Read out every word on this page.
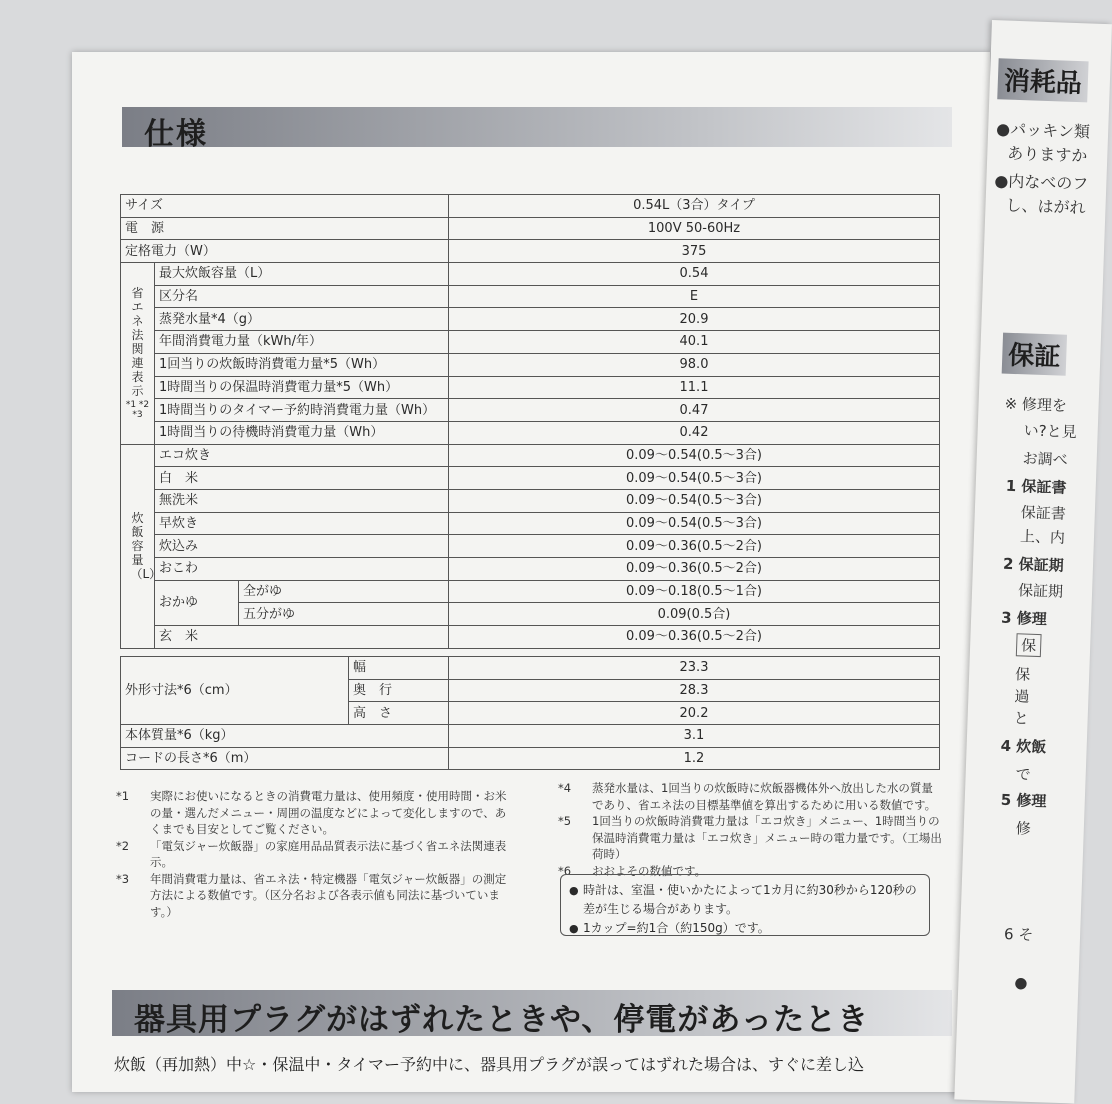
仕様
サイズ			0.54L（3合）タイプ
電　源			100V 50-60Hz
定格電力（W）			375
省エネ法関連表示
*1 *2 *3	最大炊飯容量（L）		0.54
	区分名		E
	蒸発水量*4（g）		20.9
	年間消費電力量（kWh/年）		40.1
	1回当りの炊飯時消費電力量*5（Wh）		98.0
	1時間当りの保温時消費電力量*5（Wh）		11.1
	1時間当りのタイマー予約時消費電力量（Wh）		0.47
	1時間当りの待機時消費電力量（Wh）		0.42
炊飯容量（L）	エコ炊き		0.09～0.54(0.5～3合)
	白　米		0.09～0.54(0.5～3合)
	無洗米		0.09～0.54(0.5～3合)
	早炊き		0.09～0.54(0.5～3合)
	炊込み		0.09～0.36(0.5～2合)
	おこわ		0.09～0.36(0.5～2合)
	おかゆ	全がゆ	0.09～0.18(0.5～1合)
		五分がゆ	0.09(0.5合)
	玄　米		0.09～0.36(0.5～2合)
外形寸法*6（cm）	幅	23.3
	奥　行	28.3
	高　さ	20.2
本体質量*6（kg）		3.1
コードの長さ*6（m）		1.2
*1 実際にお使いになるときの消費電力量は、使用頻度・使用時間・お米の量・選んだメニュー・周囲の温度などによって変化しますので、あくまでも目安としてご覧ください。
*2 「電気ジャー炊飯器」の家庭用品品質表示法に基づく省エネ法関連表示。
*3 年間消費電力量は、省エネ法・特定機器「電気ジャー炊飯器」の測定方法による数値です。（区分名および各表示値も同法に基づいています。）
*4 蒸発水量は、1回当りの炊飯時に炊飯器機体外へ放出した水の質量であり、省エネ法の目標基準値を算出するために用いる数値です。
*5 1回当りの炊飯時消費電力量は「エコ炊き」メニュー、1時間当りの保温時消費電力量は「エコ炊き」メニュー時の電力量です。（工場出荷時）
*6 おおよその数値です。
● 時計は、室温・使いかたによって1カ月に約30秒から120秒の差が生じる場合があります。
● 1カップ=約1合（約150g）です。
器具用プラグがはずれたときや、停電があったとき
炊飯（再加熱）中☆・保温中・タイマー予約中に、器具用プラグが誤ってはずれた場合は、すぐに差し込
消耗品
●パッキン類
ありますか
●内なべのフ
し、はがれ
保証
※ 修理を
い?と見
お調べ
1 保証書
保証書
上、内
2 保証期
保証期
3 修理
保
保
過
と
4 炊飯
で
5 修理
修
6 そ
●
